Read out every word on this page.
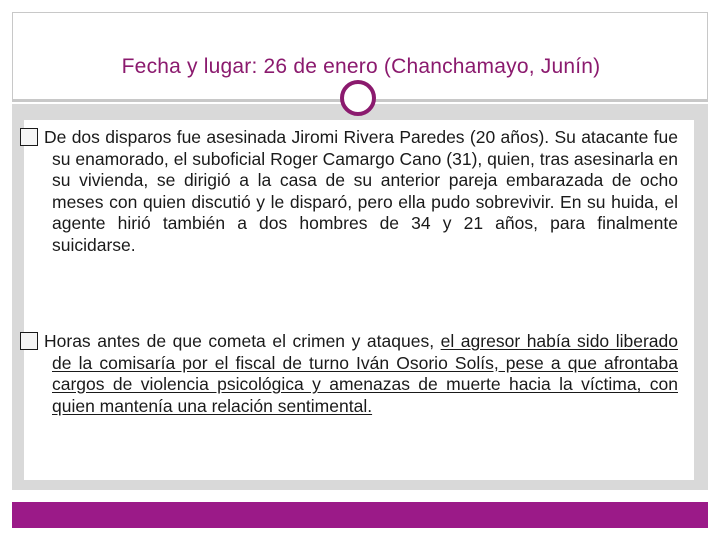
Fecha y lugar: 26 de enero (Chanchamayo, Junín)
De dos disparos fue asesinada Jiromi Rivera Paredes (20 años). Su atacante fue su enamorado, el suboficial Roger Camargo Cano (31), quien, tras asesinarla en su vivienda, se dirigió a la casa de su anterior pareja embarazada de ocho meses con quien discutió y le disparó, pero ella pudo sobrevivir. En su huida, el agente hirió también a dos hombres de 34 y 21 años, para finalmente suicidarse.
Horas antes de que cometa el crimen y ataques, el agresor había sido liberado de la comisaría por el fiscal de turno Iván Osorio Solís, pese a que afrontaba cargos de violencia psicológica y amenazas de muerte hacia la víctima, con quien mantenía una relación sentimental.
